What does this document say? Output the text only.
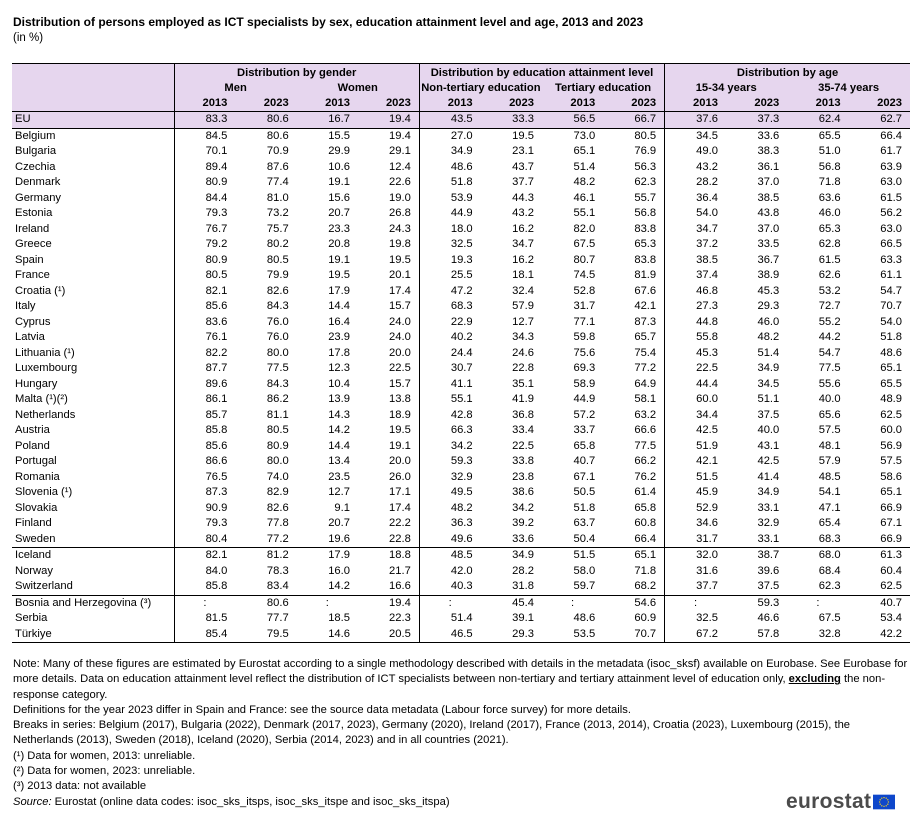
Distribution of persons employed as ICT specialists by sex, education attainment level and age, 2013 and 2023
(in %)
	Distribution by gender				Distribution by education attainment level				Distribution by age			
	Men		Women		Non-tertiary education		Tertiary education		15-34 years		35-74 years	
	2013	2023	2013	2023	2013	2023	2013	2023	2013	2023	2013	2023
EU	83.3	80.6	16.7	19.4	43.5	33.3	56.5	66.7	37.6	37.3	62.4	62.7
Belgium	84.5	80.6	15.5	19.4	27.0	19.5	73.0	80.5	34.5	33.6	65.5	66.4
Bulgaria	70.1	70.9	29.9	29.1	34.9	23.1	65.1	76.9	49.0	38.3	51.0	61.7
Czechia	89.4	87.6	10.6	12.4	48.6	43.7	51.4	56.3	43.2	36.1	56.8	63.9
Denmark	80.9	77.4	19.1	22.6	51.8	37.7	48.2	62.3	28.2	37.0	71.8	63.0
Germany	84.4	81.0	15.6	19.0	53.9	44.3	46.1	55.7	36.4	38.5	63.6	61.5
Estonia	79.3	73.2	20.7	26.8	44.9	43.2	55.1	56.8	54.0	43.8	46.0	56.2
Ireland	76.7	75.7	23.3	24.3	18.0	16.2	82.0	83.8	34.7	37.0	65.3	63.0
Greece	79.2	80.2	20.8	19.8	32.5	34.7	67.5	65.3	37.2	33.5	62.8	66.5
Spain	80.9	80.5	19.1	19.5	19.3	16.2	80.7	83.8	38.5	36.7	61.5	63.3
France	80.5	79.9	19.5	20.1	25.5	18.1	74.5	81.9	37.4	38.9	62.6	61.1
Croatia (¹)	82.1	82.6	17.9	17.4	47.2	32.4	52.8	67.6	46.8	45.3	53.2	54.7
Italy	85.6	84.3	14.4	15.7	68.3	57.9	31.7	42.1	27.3	29.3	72.7	70.7
Cyprus	83.6	76.0	16.4	24.0	22.9	12.7	77.1	87.3	44.8	46.0	55.2	54.0
Latvia	76.1	76.0	23.9	24.0	40.2	34.3	59.8	65.7	55.8	48.2	44.2	51.8
Lithuania (¹)	82.2	80.0	17.8	20.0	24.4	24.6	75.6	75.4	45.3	51.4	54.7	48.6
Luxembourg	87.7	77.5	12.3	22.5	30.7	22.8	69.3	77.2	22.5	34.9	77.5	65.1
Hungary	89.6	84.3	10.4	15.7	41.1	35.1	58.9	64.9	44.4	34.5	55.6	65.5
Malta (¹)(²)	86.1	86.2	13.9	13.8	55.1	41.9	44.9	58.1	60.0	51.1	40.0	48.9
Netherlands	85.7	81.1	14.3	18.9	42.8	36.8	57.2	63.2	34.4	37.5	65.6	62.5
Austria	85.8	80.5	14.2	19.5	66.3	33.4	33.7	66.6	42.5	40.0	57.5	60.0
Poland	85.6	80.9	14.4	19.1	34.2	22.5	65.8	77.5	51.9	43.1	48.1	56.9
Portugal	86.6	80.0	13.4	20.0	59.3	33.8	40.7	66.2	42.1	42.5	57.9	57.5
Romania	76.5	74.0	23.5	26.0	32.9	23.8	67.1	76.2	51.5	41.4	48.5	58.6
Slovenia (¹)	87.3	82.9	12.7	17.1	49.5	38.6	50.5	61.4	45.9	34.9	54.1	65.1
Slovakia	90.9	82.6	9.1	17.4	48.2	34.2	51.8	65.8	52.9	33.1	47.1	66.9
Finland	79.3	77.8	20.7	22.2	36.3	39.2	63.7	60.8	34.6	32.9	65.4	67.1
Sweden	80.4	77.2	19.6	22.8	49.6	33.6	50.4	66.4	31.7	33.1	68.3	66.9
Iceland	82.1	81.2	17.9	18.8	48.5	34.9	51.5	65.1	32.0	38.7	68.0	61.3
Norway	84.0	78.3	16.0	21.7	42.0	28.2	58.0	71.8	31.6	39.6	68.4	60.4
Switzerland	85.8	83.4	14.2	16.6	40.3	31.8	59.7	68.2	37.7	37.5	62.3	62.5
Bosnia and Herzegovina (³)	:	80.6	:	19.4	:	45.4	:	54.6	:	59.3	:	40.7
Serbia	81.5	77.7	18.5	22.3	51.4	39.1	48.6	60.9	32.5	46.6	67.5	53.4
Türkiye	85.4	79.5	14.6	20.5	46.5	29.3	53.5	70.7	67.2	57.8	32.8	42.2
Note: Many of these figures are estimated by Eurostat according to a single methodology described with details in the metadata (isoc_sksf) available on Eurobase. See Eurobase for more details. Data on education attainment level reflect the distribution of ICT specialists between non-tertiary and tertiary attainment level of education only, excluding the non-response category.
Definitions for the year 2023 differ in Spain and France: see the source data metadata (Labour force survey) for more details.
Breaks in series: Belgium (2017), Bulgaria (2022), Denmark (2017, 2023), Germany (2020), Ireland (2017), France (2013, 2014), Croatia (2023), Luxembourg (2015), the Netherlands (2013), Sweden (2018), Iceland (2020), Serbia (2014, 2023) and in all countries (2021).
(¹) Data for women, 2013: unreliable.
(²) Data for women, 2023: unreliable.
(³) 2013 data: not available
Source: Eurostat (online data codes: isoc_sks_itsps, isoc_sks_itspe and isoc_sks_itspa)	eurostat
